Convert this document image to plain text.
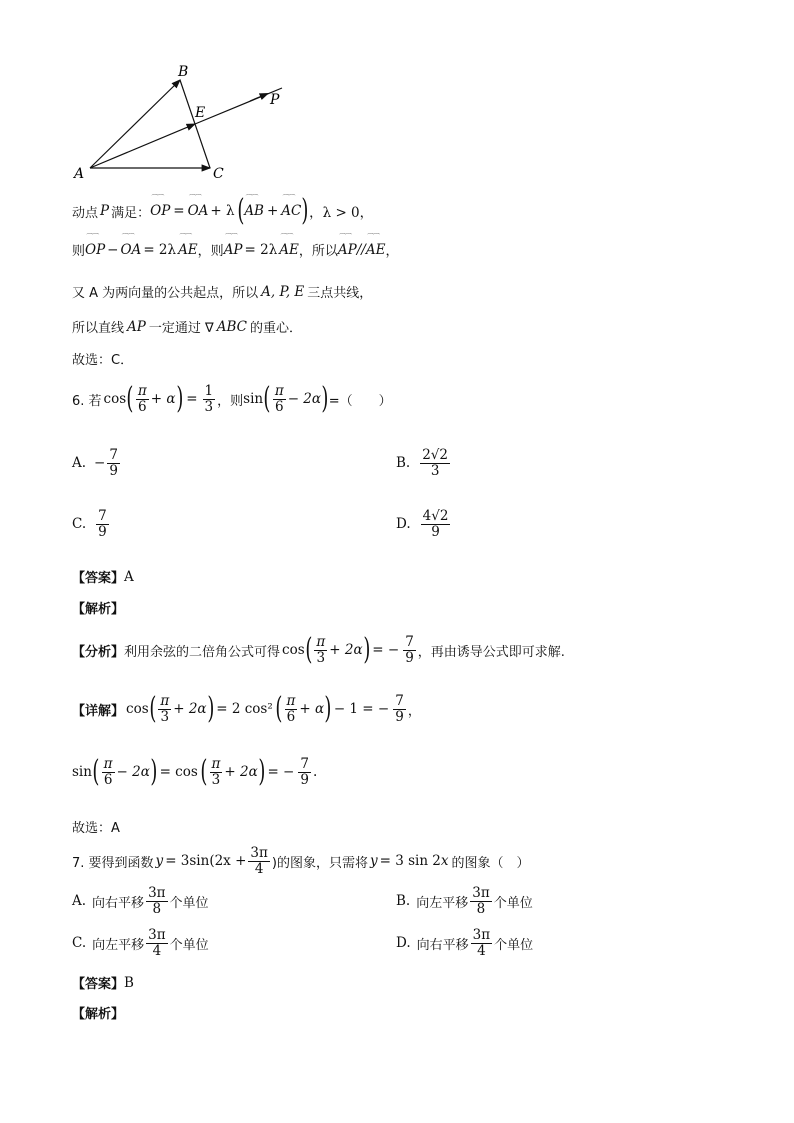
A
B
C
E
P
动点 P 满足： ⌒⌒ OP = ⌒⌒ OA + λ ( ⌒⌒ AB + ⌒⌒ AC ) ，λ > 0，
则 ⌒⌒ OP − ⌒⌒ OA = 2λ ⌒⌒ AE ，则 ⌒⌒ AP = 2λ ⌒⌒ AE ，所以 ⌒⌒ AP // ⌒⌒ AE ，
又 A 为两向量的公共起点，所以 A, P, E 三点共线，
所以直线 AP 一定通过 ∇ ABC 的重心．
故选：C．
6. 若 cos ( $\frac{\pi}{6} + \alpha$ ) = $\frac{1}{3}$ ，则 sin ( $\frac{\pi}{6} - 2\alpha$ ) =（　　）
A. − $\frac{7}{9}$	B. $\frac{2√2}{3}$
C. $\frac{7}{9}$	D. $\frac{4√2}{9}$
【答案】 A
【解析】
【分析】 利用余弦的二倍角公式可得 cos ( $\frac{\pi}{3} + 2\alpha$ ) = − $\frac{7}{9}$ ，再由诱导公式即可求解.
【详解】 cos ( $\frac{\pi}{3} + 2\alpha$ ) = 2 cos² ( $\frac{\pi}{6} + \alpha$ ) − 1 = − $\frac{7}{9}$ ，
sin ( $\frac{\pi}{6} - 2\alpha$ ) = cos ( $\frac{\pi}{3} + 2\alpha$ ) = − $\frac{7}{9}$ .
故选：A
7. 要得到函数 $y = 3\sin(2x + \frac{3\pi}{4}$ )的图象，只需将 y = 3 sin 2 x 的图象（　）
A. 向右平移 $\frac{3\pi}{8}$ 个单位	B. 向左平移 $\frac{3\pi}{8}$ 个单位
C. 向左平移 $\frac{3\pi}{4}$ 个单位	D. 向右平移 $\frac{3\pi}{4}$ 个单位
【答案】 B
【解析】
